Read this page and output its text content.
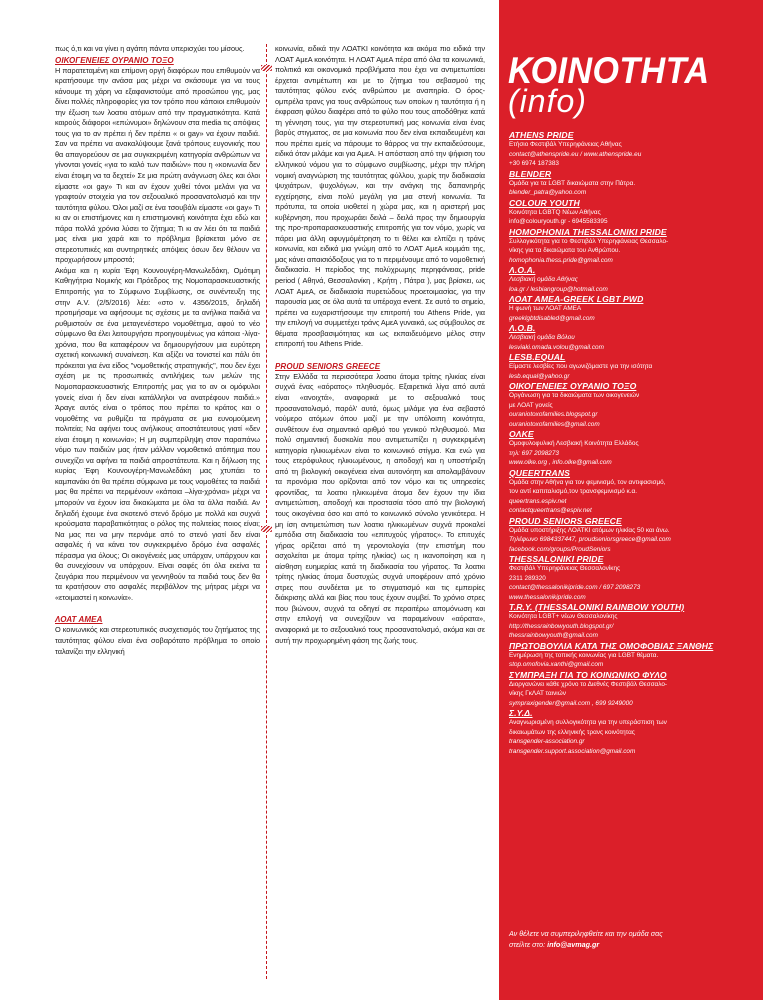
πως ό,τι και να γίνει η αγάπη πάντα υπερισχύει του μίσους.

ΟΙΚΟΓΕΝΕΙΕΣ ΟΥΡΑΝΙΟ ΤΟΞΟ

Η παρατεταμένη και επίμονη οργή διαφόρων που επιθυμούν να κρατήσουμε την ανάσα μας μέχρι να σκάσουμε για να τους κάνουμε τη χάρη να εξαφανιστούμε από προσώπου γης, μας δίνει πολλές πληροφορίες για τον τρόπο που κάποιοι επιθυμούν την έξωση των λοατκι ατόμων από την πραγματικότητα. Κατά καιρούς διάφοροι «επώνυμοι» δηλώνουν στα media τις απόψεις τους για το αν πρέπει ή δεν πρέπει « οι gay» να έχουν παιδιά. Σαν να πρέπει να ανακαλύψουμε ξανά τρόπους ευγονικής που θα απαγορεύουν σε μια συγκεκριμένη κατηγορία ανθρώπων να γίνονται γονείς «για το καλό των παιδιών» που η «κοινωνία δεν είναι έτοιμη να τα δεχτεί» Σε μια πρώτη ανάγνωση όλες και όλοι είμαστε «οι gay» Τι και αν έχουν χυθεί τόνοι μελάνι για να γραφτούν στοιχεία για τον σεξουαλικό προσανατολισμό και την ταυτότητα φύλου. Όλοι μαζί σε ένα τσουβάλι είμαστε «οι gay» Τι κι αν οι επιστήμονες και η επιστημονική κοινότητα έχει εδώ και πάρα πολλά χρόνια λύσει το ζήτημα; Τι κι αν λέει ότι τα παιδιά μας είναι μια χαρά και το πρόβλημα βρίσκεται μόνο σε στερεοτυπικές και συντηρητικές απόψεις όσων δεν θέλουν να προχωρήσουν μπροστά;

Ακόμα και η κυρία Έφη Κουνουγέρη-Μανωλεδάκη, Ομότιμη Καθηγήτρια Νομικής και Πρόεδρος της Νομοπαρασκευαστικής Επιτροπής για το Σύμφωνο Συμβίωσης, σε συνέντευξη της στην Α.V. (2/5/2016) λέει: «στο ν. 4356/2015, δηλαδή προτιμήσαμε να αφήσουμε τις σχέσεις με τα ανήλικα παιδιά να ρυθμιστούν σε ένα μεταγενέστερο νομοθέτημα, αφού το νέο σύμφωνο θα έλει λειτουργήσει προηγουμένως για κάποια -λίγα- χρόνια, που θα καταφέρουν να δημιουργήσουν μια ευρύτερη σχετική κοινωνική συναίνεση. Και αξίζει να τονιστεί και πάλι ότι πρόκειται για ένα είδος "νομοθετικής στρατηγικής", που δεν έχει σχέση με τις προσωπικές αντιλήψεις των μελών της Νομοπαρασκευαστικής Επιτροπής μας για το αν οι ομόφυλοι γονείς είναι ή δεν είναι κατάλληλοι να ανατρέφουν παιδιά.» Άραγε αυτός είναι ο τρόπος που πρέπει το κράτος και ο νομοθέτης να ρυθμίζει τα πράγματα σε μια ευνομούμενη πολιτεία; Να αφήνει τους ανήλικους αποστάτευτους γιατί «δεν είναι έτοιμη η κοινωνία»; Η μη συμπερίληψη στον παραπάνω νόμο των παιδιών μας ήταν μάλλον νομοθετικό ατόπημα που συνεχίζει να αφήνει τα παιδιά απροστάτευτα. Και η δήλωση της κυρίας Έφη Κουνουγέρη-Μανωλεδάκη μας χτυπάει το καμπανάκι ότι θα πρέπει σύμφωνα με τους νομοθέτες τα παιδιά μας θα πρέπει να περιμένουν «κάποια –λίγα-χρόνια» μέχρι να μπορούν να έχουν ίσα δικαιώματα με όλα τα άλλα παιδιά. Αν δηλαδή έχουμε ένα σκοτεινό στενό δρόμο με πολλά και συχνά κρούσματα παραβατικότητας ο ρόλος της πολιτείας ποιος είναι; Να μας πει να μην περνάμε από το στενό γιατί δεν είναι ασφαλές ή να κάνει τον συγκεκριμένο δρόμο ένα ασφαλές πέρασμα για όλους; Οι οικογένειές μας υπάρχαν, υπάρχουν και θα συνεχίσουν να υπάρχουν. Είναι σαφές ότι όλα εκείνα τα ζευγάρια που περιμένουν να γεννηθούν τα παιδιά τους δεν θα τα κρατήσουν στο ασφαλές περιβάλλον της μήτρας μέχρι να «ετοιμαστεί η κοινωνία».

ΛΟΑΤ ΑΜΕΑ

Ο κοινωνικός και στερεοτυπικός συσχετισμός του ζητήματος της ταυτότητας φύλου είναι ένα σοβαρότατο πρόβλημα το οποίο ταλανίζει την ελληνική

κοινωνία, ειδικά την ΛΟΑΤΚΙ κοινότητα και ακόμα πιο ειδικά την ΛΟΑΤ ΑμεΑ κοινότητα. Η ΛΟΑΤ ΑμεΑ πέρα από όλα τα κοινωνικά, πολιτικά και οικονομικά προβλήματα που έχει να αντιμετωπίσει έρχεται αντιμέτωπη και με το ζήτημα του σεβασμού της ταυτότητας φύλου ενός ανθρώπου με αναπηρία. Ο όρος-ομπρέλα τρανς για τους ανθρώπους των οποίων η ταυτότητα ή η έκφραση φύλου διαφέρει από το φύλο που τους αποδόθηκε κατά τη γέννηση τους, για την στερεοτυπική μας κοινωνία είναι ένας βαρύς στιγματος, σε μια κοινωνία που δεν είναι εκπαιδευμένη και που πρέπει εμείς να πάρουμε το θάρρος να την εκπαιδεύσουμε, ειδικά όταν μιλάμε και για ΑμεΑ. Η απόσταση από την ψήφιση του ελληνικού νόμου για το σύμφωνο συμβίωσης, μέχρι την πλήρη νομική αναγνώριση της ταυτότητας φύλλου, χωρίς την διαδικασία ψυχιάτρων, ψυχολόγων, και την ανάγκη της δαπανηρής εγχείρησης, είναι πολύ μεγάλη για μια στενή κοινωνία. Τα πρότυπα, τα οποία υιοθετεί η χώρα μας, και η αριστερή μας κυβέρνηση, που προχωράει δειλά – δειλά προς την δημιουργία της προ-προπαρασκευαστικής επιτροπής για τον νόμο, χωρίς να πάρει μια άλλη αφυγμόμέτρηση το τι θέλει και ελπίζει η τράνς κοινωνία, και ειδικά μια γνώμη από το ΛΟΑΤ ΑμεΑ κομμάτι της, μας κάνει απαισιόδοξους για το τι περιμένουμε από το νομοθετική διαδικασία. Η περίοδος της πολύχρωμης περηφάνειας, pride period ( Αθηνά, Θεσσαλονίκη , Κρήτη , Πάτρα ), μας βρίσκει, ως ΛΟΑΤ ΑμεΑ, σε διαδικασία πυρετώδους προετοιμασίας, για την παρουσία μας σε όλα αυτά τα υπέροχα event. Σε αυτό το σημείο, πρέπει να ευχαριστήσουμε την επιτροπή του Athens Pride, για την επιλογή να συμμετέχει τράνς ΑμεΑ γυναικά, ως σύμβουλος σε θέματα προσβασιμότητας και ως εκπαιδευόμενο μέλος στην επιτροπή του Athens Pride.

PROUD SENIORS GREECE

Στην Ελλάδα τα περισσότερα λοατκι άτομα τρίτης ηλικίας είναι συχνά ένας «αόρατος» πληθυσμός. Εξαιρετικά λίγα από αυτά είναι «ανοιχτά», αναφορικά με το σεξουαλικό τους προσανατολισμό, παρόλ' αυτά, όμως μιλάμε για ένα σεβαστό νούμερο ατόμων όπου μαζί με την υπόλοιπη κοινότητα, συνθέτουν ένα σημαντικό αριθμό του γενικού πληθυσμού. Μια πολύ σημαντική δυσκολία που αντιμετωπίζει η συγκεκριμένη κατηγορία ηλικιωμένων είναι το κοινωνικό στίγμα. Και ενώ για τους ετερόφυλους ηλικιωμένους, η αποδοχή και η υποστήριξη από τη βιολογική οικογένεια είναι αυτονόητη και απολαμβάνουν τα προνόμια που ορίζονται από τον νόμο και τις υπηρεσίες φροντίδας, τα λοατκι ηλικιωμένα άτομα δεν έχουν την ίδια αντιμετώπιση, αποδοχή και προστασία τόσο από την βιολογική τους οικογένεια όσο και από το κοινωνικό σύνολο γενικότερα. Η μη ίση αντιμετώπιση των λοατκι ηλικιωμένων συχνά προκαλεί εμπόδια στη διαδικασία του «επιτυχούς γήρατος». Το επιτυχές γήρας ορίζεται από τη γεροντολογία (την επιστήμη που ασχολείται με άτομα τρίτης ηλικίας) ως η ικανοποίηση και η αίσθηση ευημερίας κατά τη διαδικασία του γήρατος. Τα λοατκι τρίτης ηλικίας άτομα δυστυχώς συχνά υποφέρουν από χρόνιο στρες που συνδέεται με το στιγματισμό και τις εμπειρίες διάκρισης αλλά και βίας που τους έχουν συμβεί. Το χρόνιο στρες που βιώνουν, συχνά τα οδηγεί σε περαιτέρω απομόνωση και στην επιλογή να συνεχίζουν να παραμείνουν «αόρατα», αναφορικά με το σεξουαλικό τους προσανατολισμό, ακόμα και σε αυτή την προχωρημένη φάση της ζωής τους.

ΚΟΙΝΟΤΗΤΑ
(info)

ATHENS PRIDE

Ετήσιο Φεστιβάλ Υπερηφάνειας Αθήνας

contact@athenspride.eu / www.athenspride.eu

+30 6974 187383

BLENDER

Ομάδα για τα LGBT δικαιώματα στην Πάτρα.

blender_patra@yahoo.com

COLOUR YOUTH

Κοινότητα LGBTQ Νέων Αθήνας

info@colouryouth.gr - 6945583395

HOMOPHONIA THESSALONIKI PRIDE

Συλλογικότητα για το Φεστιβάλ Υπερηφάνειας Θεσσαλο-

νίκης για τα δικαιώματα του Ανθρώπου.

homophonia.thess.pride@gmail.com

Λ.Ο.Α.

Λεσβιακή ομάδα Αθήνας

loa.gr / lesbiangroup@hotmail.com

ΛΟΑΤ AMEA-GREEK LGBT PWD

Η φωνή των ΛΟΑΤ ΑΜΕΑ

greeklgbtdisabled@gmail.com

Λ.Ο.Β.

Λεσβιακή ομάδα Βόλου

lesviaki.omada.volou@gmail.com

LESB.EQUAL

Είμαστε λεσβίες που αγωνιζόμαστε για την ισότητα

lesb.equal@yahoo.gr

ΟΙΚΟΓΕΝΕΙΕΣ ΟΥΡΑΝΙΟ ΤΟΞΟ

Οργάνωση για τα δικαιώματα των οικογενειών

με ΛΟΑΤ γονείς

ouraniotoxofamilies.blogspot.gr

ouraniotoxofamilies@gmail.com

ΟΛΚΕ

Ομοφυλοφυλική Λεσβιακή Κοινότητα Ελλάδος

τηλ: 697 2098273

www.olke.org , info.olke@gmail.com

QUEERTRANS

Ομάδα στην Αθήνα για τον φεμινισμό, τον αντιφασισμό,

τον αντί καπιταλισμό,τον τρανσφεμινισμό κ.α.

queertrans.espiv.net

contactqueertrans@espiv.net

PROUD SENIORS GREECE

Ομάδα υποστήριξης ΛΟΑΤΚΙ ατόμων ηλικίας 50 και άνω.

Τηλέφωνο 6984337447, proudseniorsgreece@gmail.com

facebook.com/groups/ProudSeniors

THESSALONIKI PRIDE

Φεστιβάλ Υπερηφάνειας Θεσσαλονίκης

2311 289320

contact@thessalonikipride.com / 697 2098273

www.thessalonikipride.com

T.R.Y. (THESSALONIKI RAINBOW YOUTH)

Κοινότητα LGBT+ νέων Θεσσαλονίκης

http://thessrainbowyouth.blogspot.gr/

thessrainbowyouth@gmail.com

ΠΡΩΤΟΒΟΥΛΙΑ ΚΑΤΑ ΤΗΣ ΟΜΟΦΟΒΙΑΣ ΞΑΝΘΗΣ

Ενημέρωση της τοπικής κοινωνίας για LGBT θέματα.

stop.omofovia.xanthi@gmail.com

ΣΥΜΠΡΑΞΗ ΓΙΑ ΤΟ ΚΟΙΝΩΝΙΚΟ ΦΥΛΟ

Διοργανώνει κάθε χρόνο το Διεθνές Φεστιβάλ Θεσσαλο-

νίκης ΓκΛΑΤ ταινιών

sympraxigender@gmail.com , 699 9249000

Σ.Υ.Δ.

Αναγνωρισμένη συλλογικότητα για την υπεράσπιση των

δικαιωμάτων της ελληνικής τρανς κοινότητας

transgender-association.gr

transgender.support.association@gmail.com

Αν θέλετε να συμπεριληφθείτε και την ομάδα σας
στείλτε στο: info@avmag.gr
